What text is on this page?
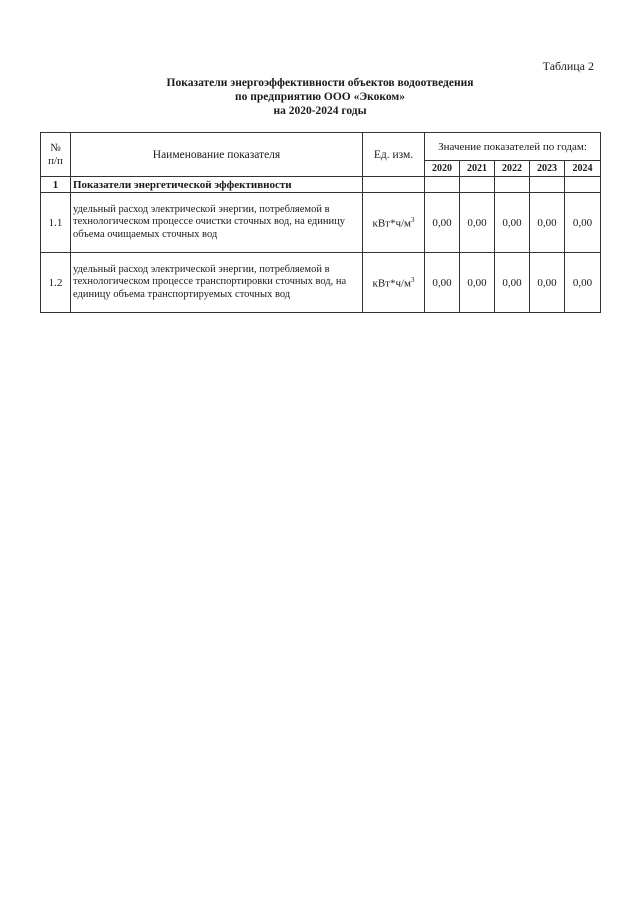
Таблица 2
Показатели энергоэффективности объектов водоотведения
по предприятию ООО «Экоком»
на 2020-2024 годы
№
п/п	Наименование показателя	Ед. изм.	Значение показателей по годам:				
			2020	2021	2022	2023	2024
1	Показатели энергетической эффективности						
1.1	удельный расход электрической энергии, потребляемой в технологическом процессе очистки сточных вод, на единицу объема очищаемых сточных вод	$кВт*ч/м^3$	0,00	0,00	0,00	0,00	0,00
1.2	удельный расход электрической энергии, потребляемой в технологическом процессе транспортировки сточных вод, на единицу объема транспортируемых сточных вод	$кВт*ч/м^3$	0,00	0,00	0,00	0,00	0,00
